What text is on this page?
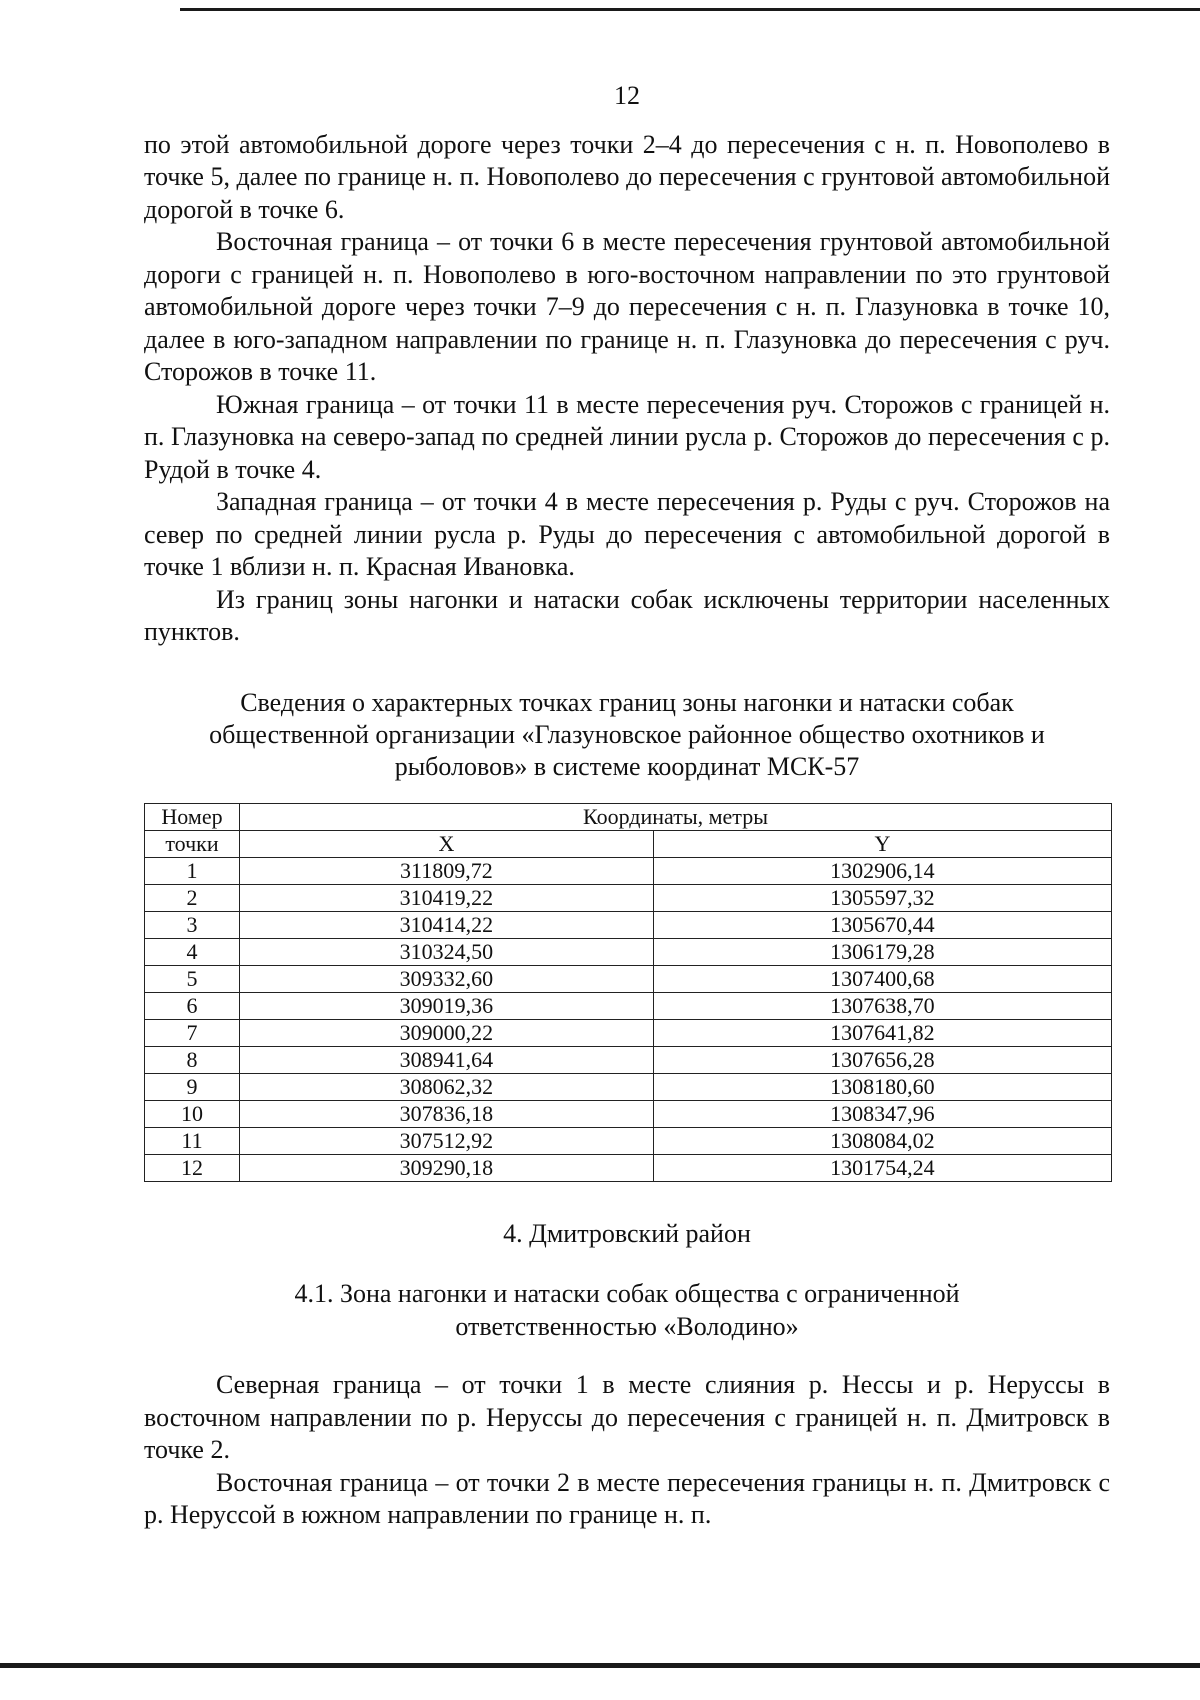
12

по этой автомобильной дороге через точки 2–4 до пересечения с н. п. Новополево в точке 5, далее по границе н. п. Новополево до пересечения с грунтовой автомобильной дорогой в точке 6.

Восточная граница – от точки 6 в месте пересечения грунтовой автомобильной дороги с границей н. п. Новополево в юго-восточном направлении по это грунтовой автомобильной дороге через точки 7–9 до пересечения с н. п. Глазуновка в точке 10, далее в юго-западном направлении по границе н. п. Глазуновка до пересечения с руч. Сторожов в точке 11.

Южная граница – от точки 11 в месте пересечения руч. Сторожов с границей н. п. Глазуновка на северо-запад по средней линии русла р. Сторожов до пересечения с р. Рудой в точке 4.

Западная граница – от точки 4 в месте пересечения р. Руды с руч. Сторожов на север по средней линии русла р. Руды до пересечения с автомобильной дорогой в точке 1 вблизи н. п. Красная Ивановка.

Из границ зоны нагонки и натаски собак исключены территории населенных пунктов.

Сведения о характерных точках границ зоны нагонки и натаски собак общественной организации «Глазуновское районное общество охотников и рыболовов» в системе координат МСК-57
Номер	Координаты, метры	
точки	X	Y
1	311809,72	1302906,14
2	310419,22	1305597,32
3	310414,22	1305670,44
4	310324,50	1306179,28
5	309332,60	1307400,68
6	309019,36	1307638,70
7	309000,22	1307641,82
8	308941,64	1307656,28
9	308062,32	1308180,60
10	307836,18	1308347,96
11	307512,92	1308084,02
12	309290,18	1301754,24
4. Дмитровский район
4.1. Зона нагонки и натаски собак общества с ограниченной ответственностью «Володино»

Северная граница – от точки 1 в месте слияния р. Нессы и р. Неруссы в восточном направлении по р. Неруссы до пересечения с границей н. п. Дмитровск в точке 2.

Восточная граница – от точки 2 в месте пересечения границы н. п. Дмитровск с р. Неруссой в южном направлении по границе н. п.
